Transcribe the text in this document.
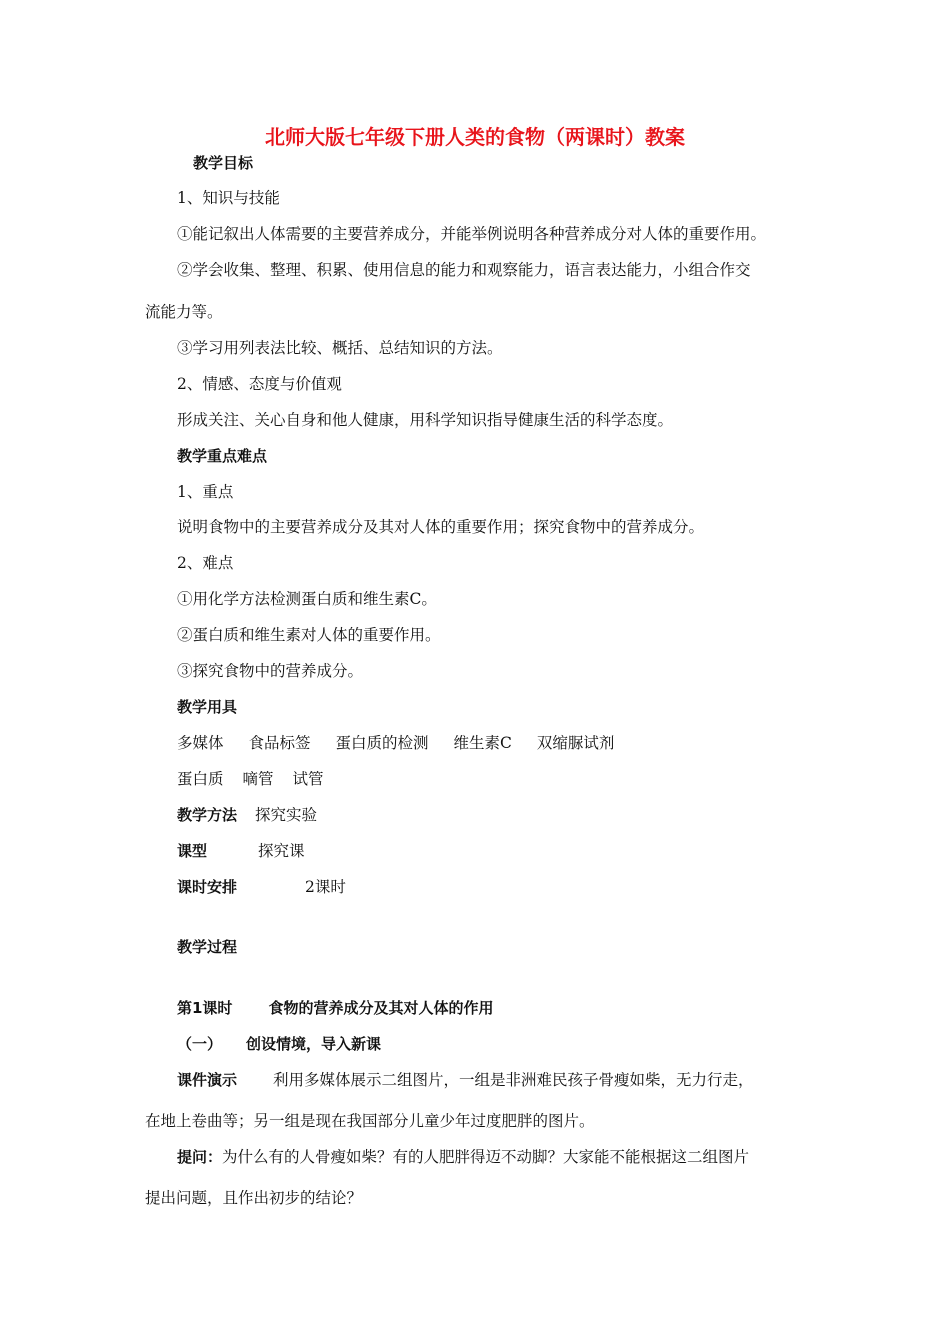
北师大版七年级下册人类的食物（两课时）教案
教学目标
1、知识与技能
①能记叙出人体需要的主要营养成分，并能举例说明各种营养成分对人体的重要作用。
②学会收集、整理、积累、使用信息的能力和观察能力，语言表达能力，小组合作交
流能力等。
③学习用列表法比较、概括、总结知识的方法。
2、情感、态度与价值观
形成关注、关心自身和他人健康，用科学知识指导健康生活的科学态度。
教学重点难点
1、重点
说明食物中的主要营养成分及其对人体的重要作用；探究食物中的营养成分。
2、难点
①用化学方法检测蛋白质和维生素C。
②蛋白质和维生素对人体的重要作用。
③探究食物中的营养成分。
教学用具
多媒体 食品标签 蛋白质的检测 维生素C 双缩脲试剂
蛋白质 嘀管 试管
教学方法 探究实验
课型	探究课
课时安排	2课时
教学过程
第1课时 食物的营养成分及其对人体的作用
（一） 创设情境，导入新课
课件演示 利用多媒体展示二组图片，一组是非洲难民孩子骨瘦如柴，无力行走，
在地上卷曲等；另一组是现在我国部分儿童少年过度肥胖的图片。
提问：为什么有的人骨瘦如柴？有的人肥胖得迈不动脚？大家能不能根据这二组图片
提出问题，且作出初步的结论？
